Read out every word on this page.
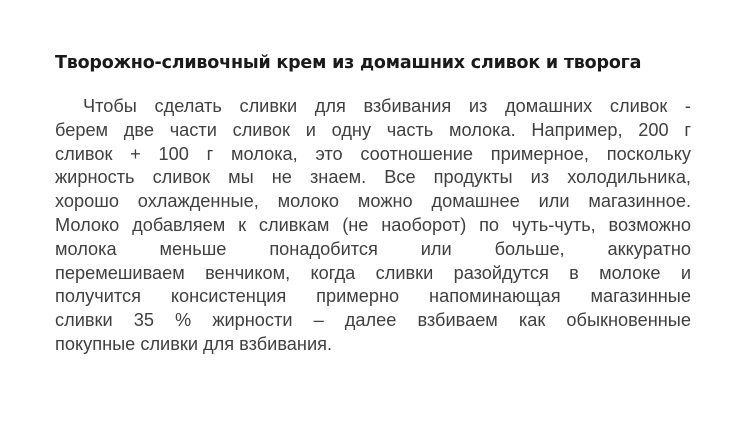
Творожно-сливочный крем из домашних сливок и творога
Чтобы сделать сливки для взбивания из домашних сливок -
берем две части сливок и одну часть молока. Например, 200 г
сливок + 100 г молока, это соотношение примерное, поскольку
жирность сливок мы не знаем. Все продукты из холодильника,
хорошо охлажденные, молоко можно домашнее или магазинное.
Молоко добавляем к сливкам (не наоборот) по чуть-чуть, возможно
молока меньше понадобится или больше, аккуратно
перемешиваем венчиком, когда сливки разойдутся в молоке и
получится консистенция примерно напоминающая магазинные
сливки 35 % жирности – далее взбиваем как обыкновенные
покупные сливки для взбивания.
